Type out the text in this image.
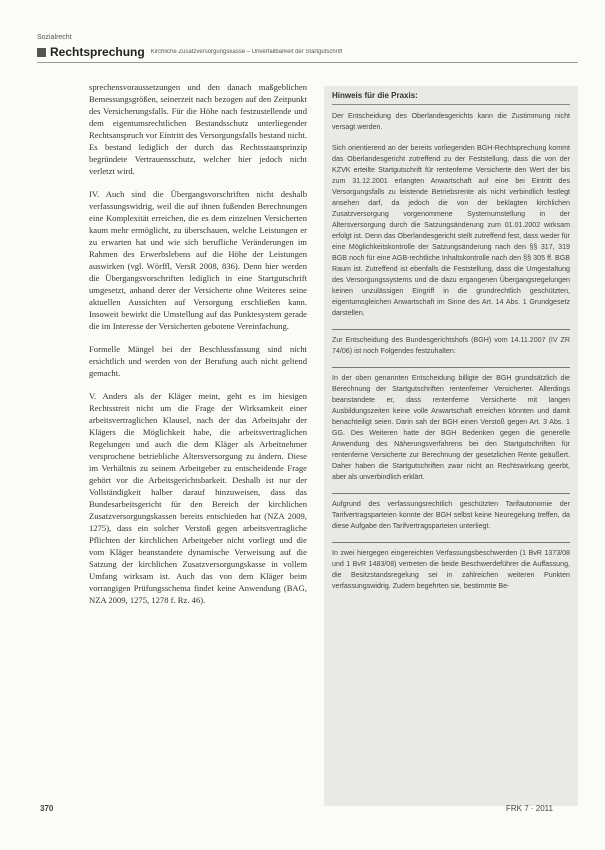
Sozialrecht
Rechtsprechung Kirchliche Zusatzversorgungskasse – Unverfallbarkeit der Startgutschrift

sprechensvoraussetzungen und den danach maßgeblichen Bemessungsgrößen, seinerzeit nach bezogen auf den Zeitpunkt des Versicherungsfalls. Für die Höhe nach festzustellende und dem eigentumsrechtlichen Bestandsschutz unterliegender Rechtsanspruch vor Eintritt des Versorgungsfalls bestand nicht. Es bestand lediglich der durch das Rechtsstaatsprinzip begründete Vertrauensschutz, welcher hier jedoch nicht verletzt wird.

IV. Auch sind die Übergangsvorschriften nicht deshalb verfassungswidrig, weil die auf ihnen fußenden Berechnungen eine Komplexität erreichen, die es dem einzelnen Versicherten kaum mehr ermöglicht, zu überschauen, welche Leistungen er zu erwarten hat und wie sich berufliche Veränderungen im Rahmen des Erwerbslebens auf die Höhe der Leistungen auswirken (vgl. Wörffl, VersR 2008, 836). Denn hier werden die Übergangsvorschriften lediglich in eine Startgutschrift umgesetzt, anhand derer der Versicherte ohne Weiteres seine aktuellen Aussichten auf Versorgung erschließen kann. Insoweit bewirkt die Umstellung auf das Punktesystem gerade die im Interesse der Versicherten gebotene Vereinfachung.

Formelle Mängel bei der Beschlussfassung sind nicht ersichtlich und werden von der Berufung auch nicht geltend gemacht.

V. Anders als der Kläger meint, geht es im hiesigen Rechtsstreit nicht um die Frage der Wirksamkeit einer arbeitsvertraglichen Klausel, nach der das Arbeitsjahr der Klägers die Möglichkeit habe, die arbeitsvertraglichen Regelungen und auch die dem Kläger als Arbeitnehmer versprochene betriebliche Altersversorgung zu ändern. Diese im Verhältnis zu seinem Arbeitgeber zu entscheidende Frage gehört vor die Arbeitsgerichtsbarkeit. Deshalb ist nur der Vollständigkeit halber darauf hinzuweisen, dass das Bundesarbeitsgericht für den Bereich der kirchlichen Zusatzversorgungskassen bereits entschieden hat (NZA 2009, 1275), dass ein solcher Verstoß gegen arbeitsvertragliche Pflichten der kirchlichen Arbeitgeber nicht vorliegt und die vom Kläger beanstandete dynamische Verweisung auf die Satzung der kirchlichen Zusatzversorgungskasse in vollem Umfang wirksam ist. Auch das von dem Kläger beim vorrangigen Prüfungsschema findet keine Anwendung (BAG, NZA 2009, 1275, 1278 f. Rz. 46).

Hinweis für die Praxis:

Der Entscheidung des Oberlandesgerichts kann die Zustimmung nicht versagt werden.

Sich orientierend an der bereits vorliegenden BGH-Rechtsprechung kommt das Oberlandesgericht zutreffend zu der Feststellung, dass die von der KZVK erteilte Startgutschrift für rentenferne Versicherte den Wert der bis zum 31.12.2001 erlangten Anwartschaft auf eine bei Eintritt des Versorgungsfalls zu leistende Betriebsrente als nicht verbindlich festlegt ansehen darf, da jedoch die von der beklagten kirchlichen Zusatzversorgung vorgenommene Systemumstellung in der Altersversorgung durch die Satzungsänderung zum 01.01.2002 wirksam erfolgt ist. Denn das Oberlandesgericht stellt zutreffend fest, dass weder für eine Möglichkeitskontrolle der Satzungsänderung nach den §§ 317, 319 BGB noch für eine AGB-rechtliche Inhaltskontrolle nach den §§ 305 ff. BGB Raum ist. Zutreffend ist ebenfalls die Feststellung, dass die Umgestaltung des Versorgungssystems und die dazu ergangenen Übergangsregelungen keinen unzulässigen Eingriff in die grundrechtlich geschützten, eigentumsgleichen Anwartschaft im Sinne des Art. 14 Abs. 1 Grundgesetz darstellen.

Zur Entscheidung des Bundesgerichtshofs (BGH) vom 14.11.2007 (IV ZR 74/06) ist noch Folgendes festzuhalten:

In der oben genannten Entscheidung billigte der BGH grundsätzlich die Berechnung der Startgutschriften rentenferner Versicherter. Allerdings beanstandete er, dass rentenferne Versicherte mit langen Ausbildungszeiten keine volle Anwartschaft erreichen könnten und damit benachteiligt seien. Darin sah der BGH einen Verstoß gegen Art. 3 Abs. 1 GG. Des Weiteren hatte der BGH Bedenken gegen die generelle Anwendung des Näherungsverfahrens bei den Startgutschriften für rentenferne Versicherte zur Berechnung der gesetzlichen Rente geäußert. Daher haben die Startgutschriften zwar nicht an Rechtswirkung geerbt, aber als unverbindlich erklärt.

Aufgrund des verfassungsrechtlich geschützten Tarifautonomie der Tarifvertragsparteien konnte der BGH selbst keine Neuregelung treffen, da diese Aufgabe den Tarifvertragsparteien unterliegt.

In zwei hiergegen eingereichten Verfassungsbeschwerden (1 BvR 1373/08 und 1 BvR 1483/08) vertreten die beide Beschwerdeführer die Auffassung, die Besitzstandsregelung sei in zahlreichen weiteren Punkten verfassungswidrig. Zudem begehrten sie, bestimmte Be-

370	FRK 7 · 2011
